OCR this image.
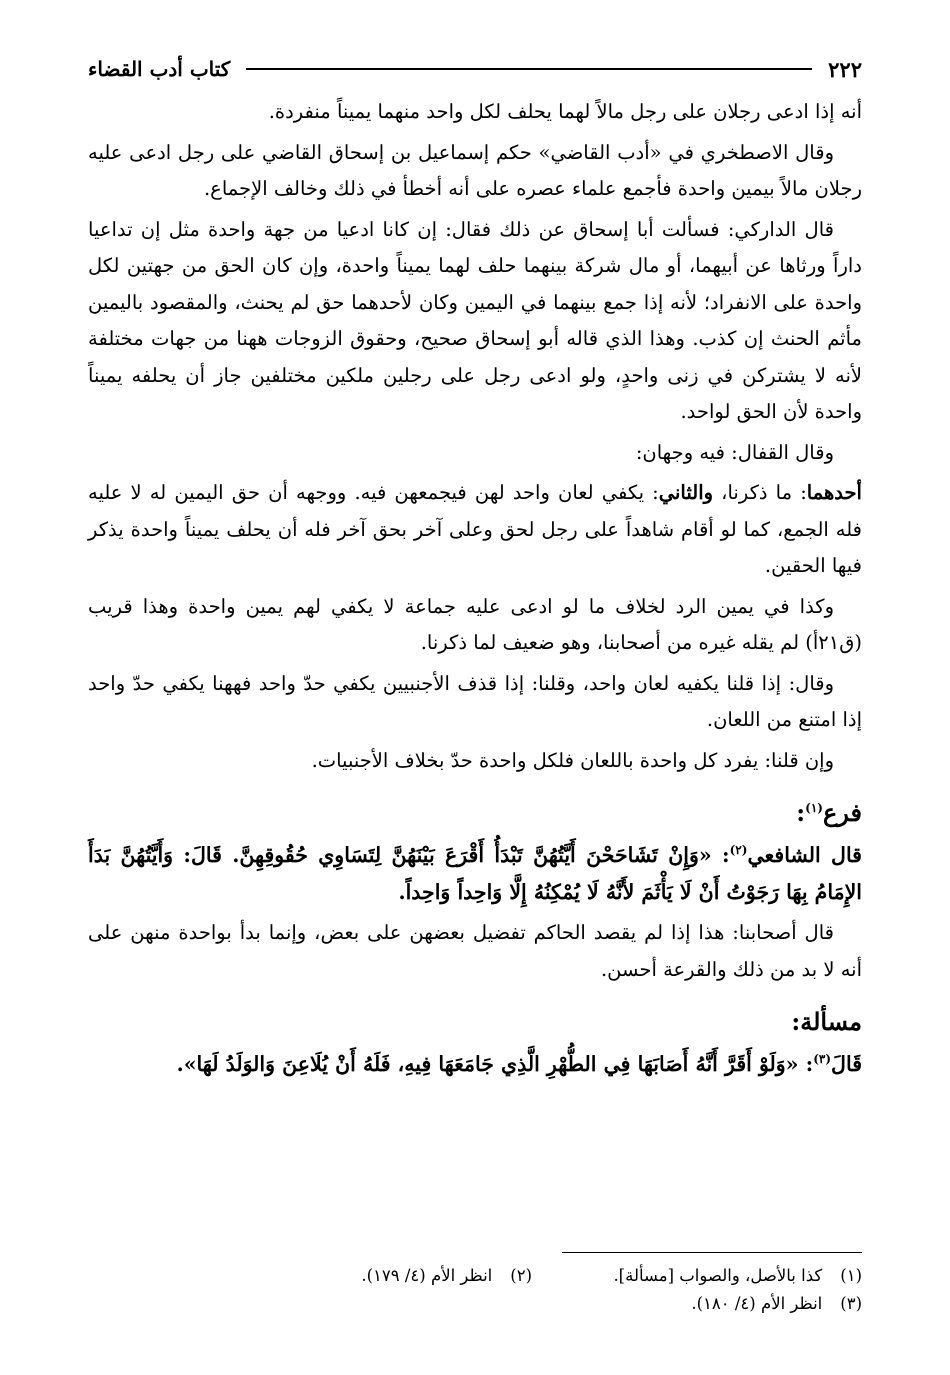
٢٢٢
كتاب أدب القضاء

أنه إذا ادعى رجلان على رجل مالاً لهما يحلف لكل واحد منهما يميناً منفردة.

وقال الاصطخري في «أدب القاضي» حكم إسماعيل بن إسحاق القاضي على رجل ادعى عليه رجلان مالاً بيمين واحدة فأجمع علماء عصره على أنه أخطأ في ذلك وخالف الإجماع.

قال الداركي: فسألت أبا إسحاق عن ذلك فقال: إن كانا ادعيا من جهة واحدة مثل إن تداعيا داراً ورثاها عن أبيهما، أو مال شركة بينهما حلف لهما يميناً واحدة، وإن كان الحق من جهتين لكل واحدة على الانفراد؛ لأنه إذا جمع بينهما في اليمين وكان لأحدهما حق لم يحنث، والمقصود باليمين مأثم الحنث إن كذب. وهذا الذي قاله أبو إسحاق صحيح، وحقوق الزوجات ههنا من جهات مختلفة لأنه لا يشتركن في زنى واحدٍ، ولو ادعى رجل على رجلين ملكين مختلفين جاز أن يحلفه يميناً واحدة لأن الحق لواحد.

وقال القفال: فيه وجهان:

أحدهما: ما ذكرنا، والثاني: يكفي لعان واحد لهن فيجمعهن فيه. ووجهه أن حق اليمين له لا عليه فله الجمع، كما لو أقام شاهداً على رجل لحق وعلى آخر بحق آخر فله أن يحلف يميناً واحدة يذكر فيها الحقين.

وكذا في يمين الرد لخلاف ما لو ادعى عليه جماعة لا يكفي لهم يمين واحدة وهذا قريب (ق٢١أ) لم يقله غيره من أصحابنا، وهو ضعيف لما ذكرنا.

وقال: إذا قلنا يكفيه لعان واحد، وقلنا: إذا قذف الأجنبيين يكفي حدّ واحد فههنا يكفي حدّ واحد إذا امتنع من اللعان.

وإن قلنا: يفرد كل واحدة باللعان فلكل واحدة حدّ بخلاف الأجنبيات.

فرع$^{(١)}$:

قال الشافعي$^{(٢)}$: «وَإِنْ تَشَاحَحْنَ أَيَّتُهُنَّ تَبْدَأُ أَقْرَعَ بَيْنَهُنَّ لِتَسَاوِي حُقُوقِهِنَّ. قَالَ: وَأَيَّتُهُنَّ بَدَأَ الإِمَامُ بِهَا رَجَوْتُ أَنْ لَا يَأْثَمَ لأَنَّهُ لَا يُمْكِنُهُ إِلَّا وَاحِداً وَاحِداً.

قال أصحابنا: هذا إذا لم يقصد الحاكم تفضيل بعضهن على بعض، وإنما بدأ بواحدة منهن على أنه لا بد من ذلك والقرعة أحسن.

مسألة:

قَالَ$^{(٣)}$: «وَلَوْ أَقَرَّ أَنَّهُ أَصَابَهَا فِي الطُّهْرِ الَّذِي جَامَعَهَا فِيهِ، فَلَهُ أَنْ يُلَاعِنَ وَالوَلَدُ لَهَا».

(١)
كذا بالأصل، والصواب [مسألة].
(٢)
انظر الأم (٤/ ١٧٩).
(٣)
انظر الأم (٤/ ١٨٠).
